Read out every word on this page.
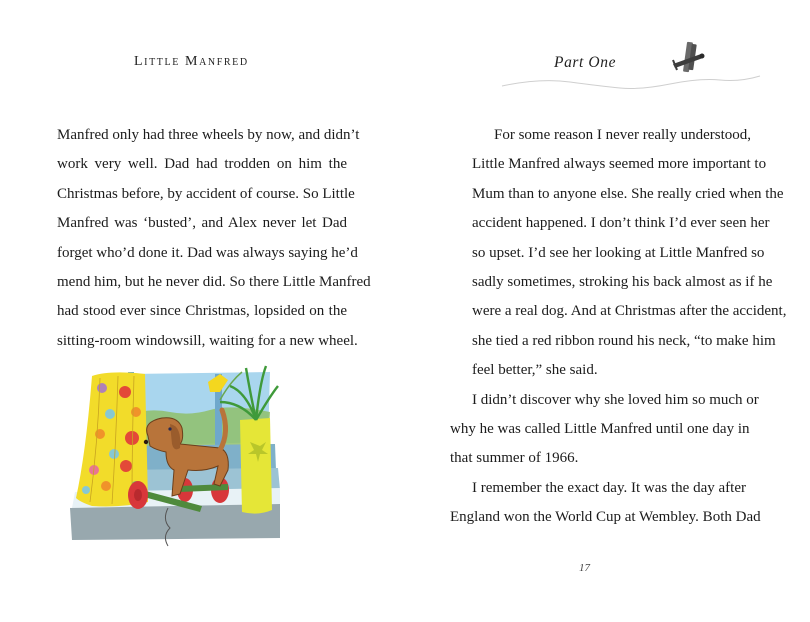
Little Manfred

Manfred only had three wheels by now, and didn’t
work very well. Dad had trodden on him the
Christmas before, by accident of course. So Little
Manfred was ‘busted’, and Alex never let Dad
forget who’d done it. Dad was always saying he’d
mend him, but he never did. So there Little Manfred
had stood ever since Christmas, lopsided on the
sitting-room windowsill, waiting for a new wheel.

Part One

For some reason I never really understood,
Little Manfred always seemed more important to
Mum than to anyone else. She really cried when the
accident happened. I don’t think I’d ever seen her
so upset. I’d see her looking at Little Manfred so
sadly sometimes, stroking his back almost as if he
were a real dog. And at Christmas after the accident,
she tied a red ribbon round his neck, “to make him
feel better,” she said.

I didn’t discover why she loved him so much or
why he was called Little Manfred until one day in
that summer of 1966.

I remember the exact day. It was the day after
England won the World Cup at Wembley. Both Dad

17
